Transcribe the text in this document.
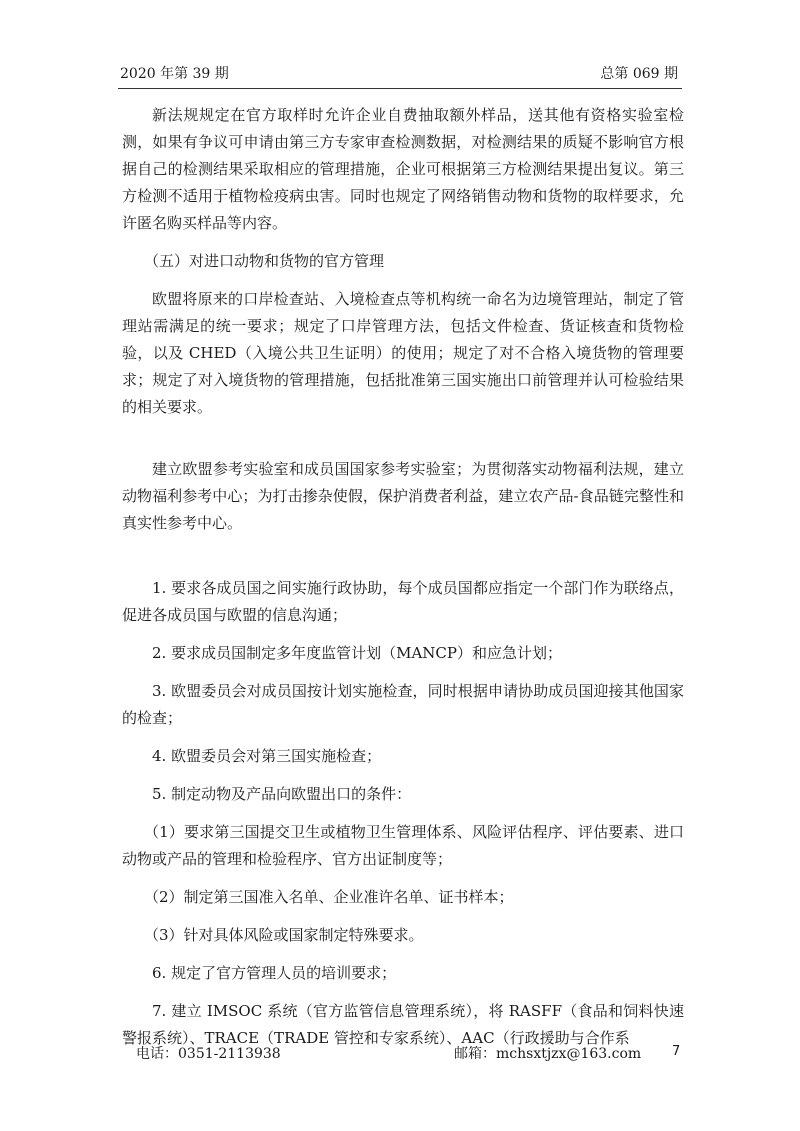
2020 年第 39 期	总第 069 期

新法规规定在官方取样时允许企业自费抽取额外样品，送其他有资格实验室检测，如果有争议可申请由第三方专家审查检测数据，对检测结果的质疑不影响官方根据自己的检测结果采取相应的管理措施，企业可根据第三方检测结果提出复议。第三方检测不适用于植物检疫病虫害。同时也规定了网络销售动物和货物的取样要求，允许匿名购买样品等内容。

（五）对进口动物和货物的官方管理

欧盟将原来的口岸检查站、入境检查点等机构统一命名为边境管理站，制定了管理站需满足的统一要求；规定了口岸管理方法，包括文件检查、货证核查和货物检验，以及 CHED（入境公共卫生证明）的使用；规定了对不合格入境货物的管理要求；规定了对入境货物的管理措施，包括批准第三国实施出口前管理并认可检验结果的相关要求。

建立欧盟参考实验室和成员国国家参考实验室；为贯彻落实动物福利法规，建立动物福利参考中心；为打击掺杂使假，保护消费者利益，建立农产品-食品链完整性和真实性参考中心。

1. 要求各成员国之间实施行政协助，每个成员国都应指定一个部门作为联络点，促进各成员国与欧盟的信息沟通；

2. 要求成员国制定多年度监管计划（MANCP）和应急计划；

3. 欧盟委员会对成员国按计划实施检查，同时根据申请协助成员国迎接其他国家的检查；

4. 欧盟委员会对第三国实施检查；

5. 制定动物及产品向欧盟出口的条件：

（1）要求第三国提交卫生或植物卫生管理体系、风险评估程序、评估要素、进口动物或产品的管理和检验程序、官方出证制度等；

（2）制定第三国准入名单、企业准许名单、证书样本；

（3）针对具体风险或国家制定特殊要求。

6. 规定了官方管理人员的培训要求；

7. 建立 IMSOC 系统（官方监管信息管理系统），将 RASFF（食品和饲料快速警报系统）、TRACE（TRADE 管控和专家系统）、AAC（行政援助与合作系

电话：0351-2113938	邮箱：mchsxtjzx@163.com	7
